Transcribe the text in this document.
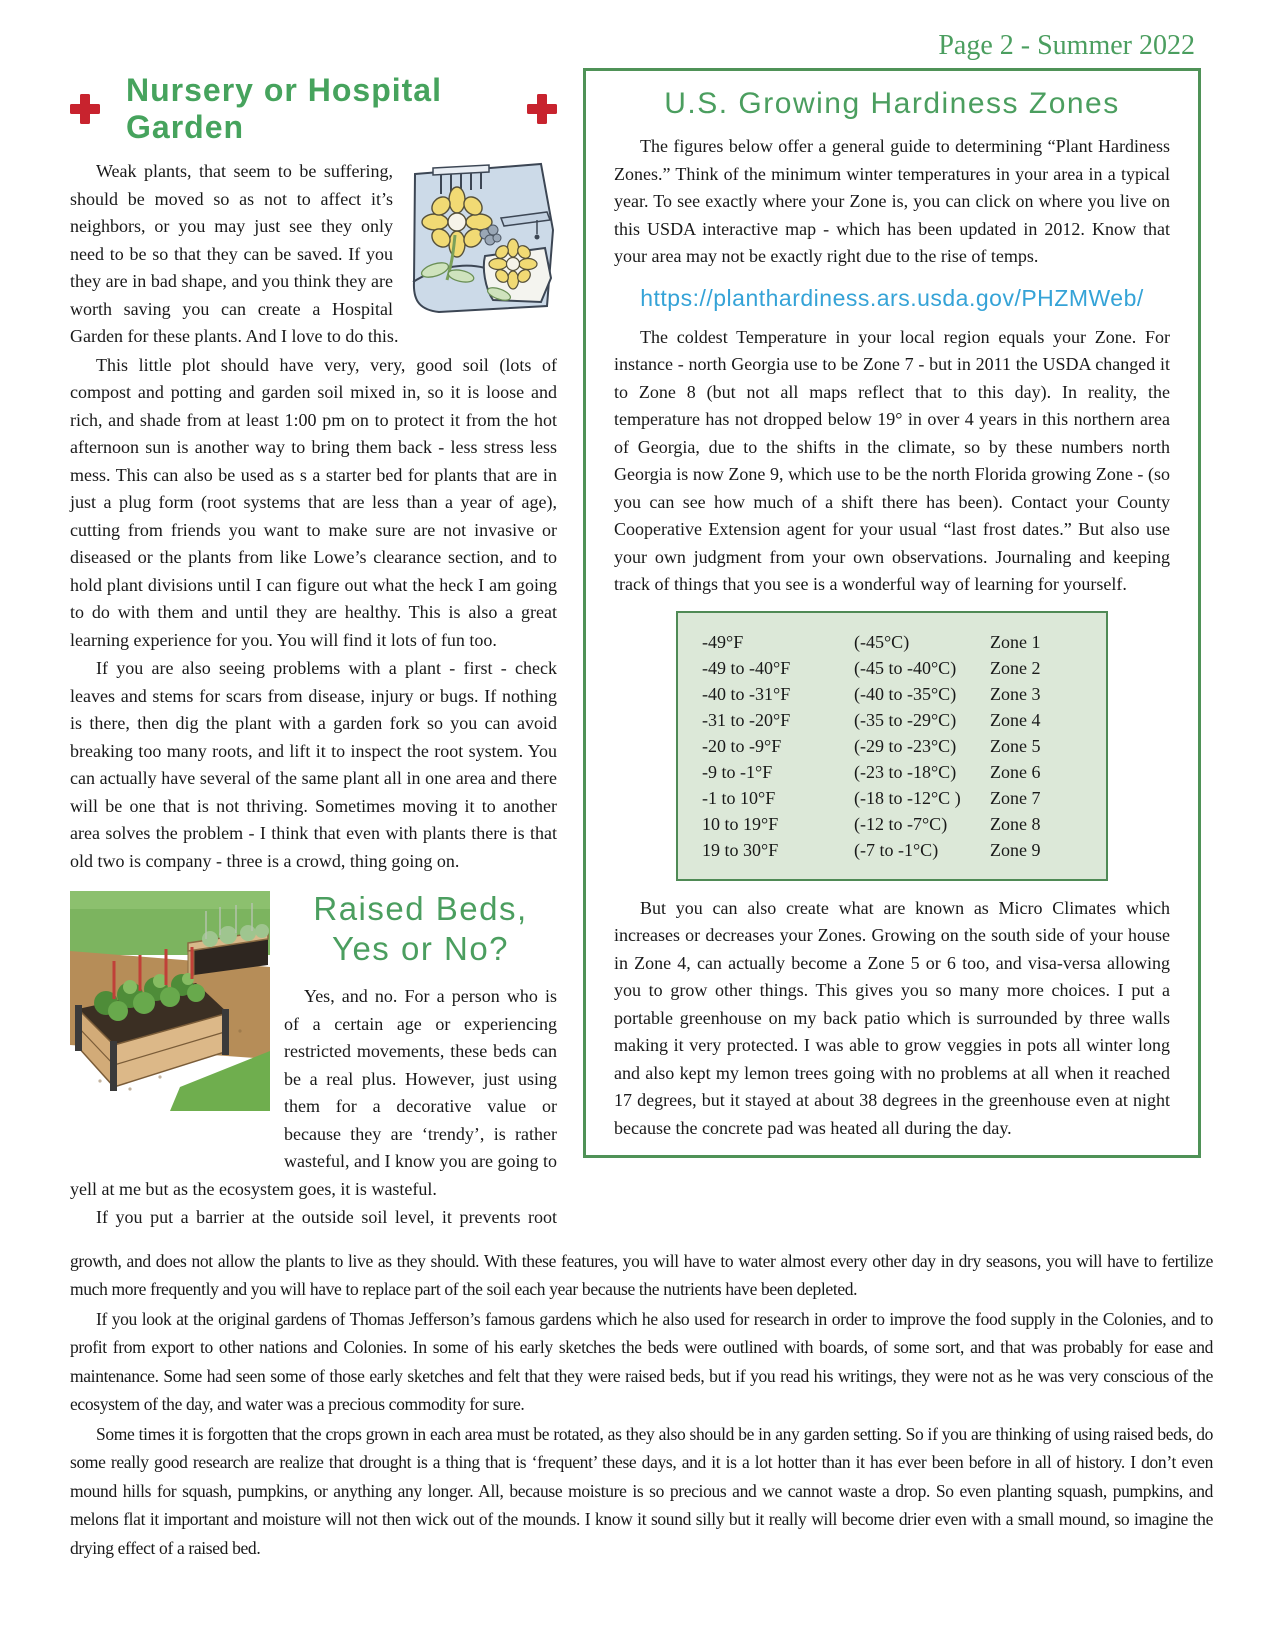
Page 2 - Summer 2022
Nursery or Hospital Garden

Weak plants, that seem to be suffering, should be moved so as not to affect it’s neighbors, or you may just see they only need to be so that they can be saved. If you they are in bad shape, and you think they are worth saving you can create a Hospital Garden for these plants. And I love to do this.

This little plot should have very, very, good soil (lots of compost and potting and garden soil mixed in, so it is loose and rich, and shade from at least 1:00 pm on to protect it from the hot afternoon sun is another way to bring them back - less stress less mess. This can also be used as s a starter bed for plants that are in just a plug form (root systems that are less than a year of age), cutting from friends you want to make sure are not invasive or diseased or the plants from like Lowe’s clearance section, and to hold plant divisions until I can figure out what the heck I am going to do with them and until they are healthy. This is also a great learning experience for you. You will find it lots of fun too.

If you are also seeing problems with a plant - first - check leaves and stems for scars from disease, injury or bugs. If nothing is there, then dig the plant with a garden fork so you can avoid breaking too many roots, and lift it to inspect the root system. You can actually have several of the same plant all in one area and there will be one that is not thriving. Sometimes moving it to another area solves the problem - I think that even with plants there is that old two is company - three is a crowd, thing going on.

Raised Beds,
Yes or No?

Yes, and no. For a person who is of a certain age or experiencing restricted movements, these beds can be a real plus. However, just using them for a decorative value or because they are ‘trendy’, is rather wasteful, and I know you are going to yell at me but as the ecosystem goes, it is wasteful.

If you put a barrier at the outside soil level, it prevents root

U.S. Growing Hardiness Zones

The figures below offer a general guide to determining “Plant Hardiness Zones.” Think of the minimum winter temperatures in your area in a typical year. To see exactly where your Zone is, you can click on where you live on this USDA interactive map - which has been updated in 2012. Know that your area may not be exactly right due to the rise of temps.

https://planthardiness.ars.usda.gov/PHZMWeb/

The coldest Temperature in your local region equals your Zone. For instance - north Georgia use to be Zone 7 - but in 2011 the USDA changed it to Zone 8 (but not all maps reflect that to this day). In reality, the temperature has not dropped below 19° in over 4 years in this northern area of Georgia, due to the shifts in the climate, so by these numbers north Georgia is now Zone 9, which use to be the north Florida growing Zone - (so you can see how much of a shift there has been). Contact your County Cooperative Extension agent for your usual “last frost dates.” But also use your own judgment from your own observations. Journaling and keeping track of things that you see is a wonderful way of learning for yourself.

-49°F	(-45°C)	Zone 1
-49 to -40°F	(-45 to -40°C)	Zone 2
-40 to -31°F	(-40 to -35°C)	Zone 3
-31 to -20°F	(-35 to -29°C)	Zone 4
-20 to -9°F	(-29 to -23°C)	Zone 5
-9 to -1°F	(-23 to -18°C)	Zone 6
-1 to 10°F	(-18 to -12°C )	Zone 7
10 to 19°F	(-12 to -7°C)	Zone 8
19 to 30°F	(-7 to -1°C)	Zone 9

But you can also create what are known as Micro Climates which increases or decreases your Zones. Growing on the south side of your house in Zone 4, can actually become a Zone 5 or 6 too, and visa-versa allowing you to grow other things. This gives you so many more choices. I put a portable greenhouse on my back patio which is surrounded by three walls making it very protected. I was able to grow veggies in pots all winter long and also kept my lemon trees going with no problems at all when it reached 17 degrees, but it stayed at about 38 degrees in the greenhouse even at night because the concrete pad was heated all during the day.

growth, and does not allow the plants to live as they should. With these features, you will have to water almost every other day in dry seasons, you will have to fertilize much more frequently and you will have to replace part of the soil each year because the nutrients have been depleted.

If you look at the original gardens of Thomas Jefferson’s famous gardens which he also used for research in order to improve the food supply in the Colonies, and to profit from export to other nations and Colonies. In some of his early sketches the beds were outlined with boards, of some sort, and that was probably for ease and maintenance. Some had seen some of those early sketches and felt that they were raised beds, but if you read his writings, they were not as he was very conscious of the ecosystem of the day, and water was a precious commodity for sure.

Some times it is forgotten that the crops grown in each area must be rotated, as they also should be in any garden setting. So if you are thinking of using raised beds, do some really good research are realize that drought is a thing that is ‘frequent’ these days, and it is a lot hotter than it has ever been before in all of history. I don’t even mound hills for squash, pumpkins, or anything any longer. All, because moisture is so precious and we cannot waste a drop. So even planting squash, pumpkins, and melons flat it important and moisture will not then wick out of the mounds. I know it sound silly but it really will become drier even with a small mound, so imagine the drying effect of a raised bed.
